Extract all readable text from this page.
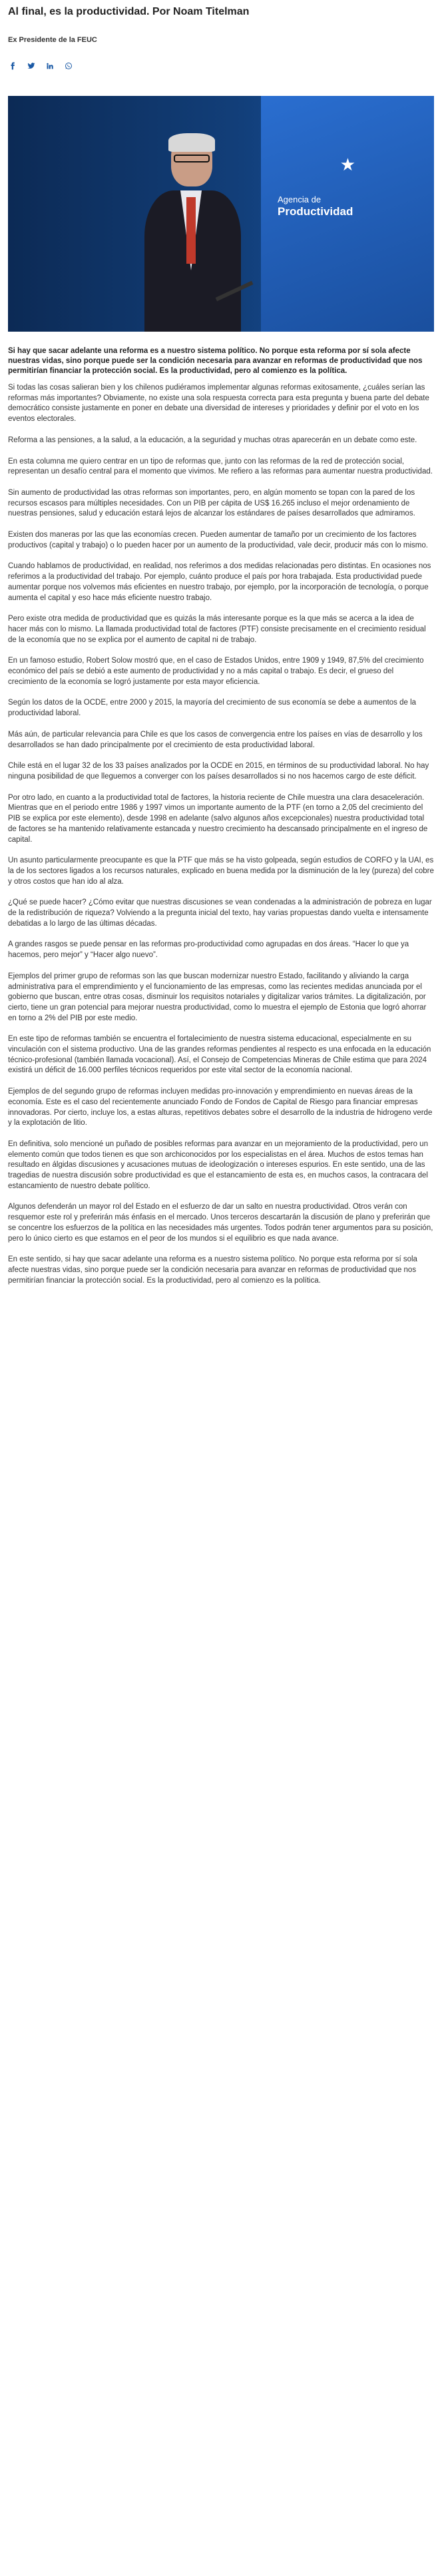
Al final, es la productividad. Por Noam Titelman
Ex Presidente de la FEUC
★
Agencia de
Productividad
Si hay que sacar adelante una reforma es a nuestro sistema político. No porque esta reforma por sí sola afecte nuestras vidas, sino porque puede ser la condición necesaria para avanzar en reformas de productividad que nos permitirían financiar la protección social. Es la productividad, pero al comienzo es la política.

Si todas las cosas salieran bien y los chilenos pudiéramos implementar algunas reformas exitosamente, ¿cuáles serían las reformas más importantes? Obviamente, no existe una sola respuesta correcta para esta pregunta y buena parte del debate democrático consiste justamente en poner en debate una diversidad de intereses y prioridades y definir por el voto en los eventos electorales.

Reforma a las pensiones, a la salud, a la educación, a la seguridad y muchas otras aparecerán en un debate como este.

En esta columna me quiero centrar en un tipo de reformas que, junto con las reformas de la red de protección social, representan un desafío central para el momento que vivimos. Me refiero a las reformas para aumentar nuestra productividad.

Sin aumento de productividad las otras reformas son importantes, pero, en algún momento se topan con la pared de los recursos escasos para múltiples necesidades. Con un PIB per cápita de US$ 16.265 incluso el mejor ordenamiento de nuestras pensiones, salud y educación estará lejos de alcanzar los estándares de países desarrollados que admiramos.

Existen dos maneras por las que las economías crecen. Pueden aumentar de tamaño por un crecimiento de los factores productivos (capital y trabajo) o lo pueden hacer por un aumento de la productividad, vale decir, producir más con lo mismo.

Cuando hablamos de productividad, en realidad, nos referimos a dos medidas relacionadas pero distintas. En ocasiones nos referimos a la productividad del trabajo. Por ejemplo, cuánto produce el país por hora trabajada. Esta productividad puede aumentar porque nos volvemos más eficientes en nuestro trabajo, por ejemplo, por la incorporación de tecnología, o porque aumenta el capital y eso hace más eficiente nuestro trabajo.

Pero existe otra medida de productividad que es quizás la más interesante porque es la que más se acerca a la idea de hacer más con lo mismo. La llamada productividad total de factores (PTF) consiste precisamente en el crecimiento residual de la economía que no se explica por el aumento de capital ni de trabajo.

En un famoso estudio, Robert Solow mostró que, en el caso de Estados Unidos, entre 1909 y 1949, 87,5% del crecimiento económico del país se debió a este aumento de productividad y no a más capital o trabajo. Es decir, el grueso del crecimiento de la economía se logró justamente por esta mayor eficiencia.

Según los datos de la OCDE, entre 2000 y 2015, la mayoría del crecimiento de sus economía se debe a aumentos de la productividad laboral.

Más aún, de particular relevancia para Chile es que los casos de convergencia entre los países en vías de desarrollo y los desarrollados se han dado principalmente por el crecimiento de esta productividad laboral.

Chile está en el lugar 32 de los 33 países analizados por la OCDE en 2015, en términos de su productividad laboral. No hay ninguna posibilidad de que lleguemos a converger con los países desarrollados si no nos hacemos cargo de este déficit.

Por otro lado, en cuanto a la productividad total de factores, la historia reciente de Chile muestra una clara desaceleración. Mientras que en el periodo entre 1986 y 1997 vimos un importante aumento de la PTF (en torno a 2,05 del crecimiento del PIB se explica por este elemento), desde 1998 en adelante (salvo algunos años excepcionales) nuestra productividad total de factores se ha mantenido relativamente estancada y nuestro crecimiento ha descansado principalmente en el ingreso de capital.

Un asunto particularmente preocupante es que la PTF que más se ha visto golpeada, según estudios de CORFO y la UAI, es la de los sectores ligados a los recursos naturales, explicado en buena medida por la disminución de la ley (pureza) del cobre y otros costos que han ido al alza.

¿Qué se puede hacer? ¿Cómo evitar que nuestras discusiones se vean condenadas a la administración de pobreza en lugar de la redistribución de riqueza? Volviendo a la pregunta inicial del texto, hay varias propuestas dando vuelta e intensamente debatidas a lo largo de las últimas décadas.

A grandes rasgos se puede pensar en las reformas pro-productividad como agrupadas en dos áreas. “Hacer lo que ya hacemos, pero mejor” y “Hacer algo nuevo”.

Ejemplos del primer grupo de reformas son las que buscan modernizar nuestro Estado, facilitando y aliviando la carga administrativa para el emprendimiento y el funcionamiento de las empresas, como las recientes medidas anunciada por el gobierno que buscan, entre otras cosas, disminuir los requisitos notariales y digitalizar varios trámites. La digitalización, por cierto, tiene un gran potencial para mejorar nuestra productividad, como lo muestra el ejemplo de Estonia que logró ahorrar en torno a 2% del PIB por este medio.

En este tipo de reformas también se encuentra el fortalecimiento de nuestra sistema educacional, especialmente en su vinculación con el sistema productivo. Una de las grandes reformas pendientes al respecto es una enfocada en la educación técnico-profesional (también llamada vocacional). Así, el Consejo de Competencias Mineras de Chile estima que para 2024 existirá un déficit de 16.000 perfiles técnicos requeridos por este vital sector de la economía nacional.

Ejemplos de del segundo grupo de reformas incluyen medidas pro-innovación y emprendimiento en nuevas áreas de la economía. Este es el caso del recientemente anunciado Fondo de Fondos de Capital de Riesgo para financiar empresas innovadoras. Por cierto, incluye los, a estas alturas, repetitivos debates sobre el desarrollo de la industria de hidrogeno verde y la explotación de litio.

En definitiva, solo mencioné un puñado de posibles reformas para avanzar en un mejoramiento de la productividad, pero un elemento común que todos tienen es que son archiconocidos por los especialistas en el área. Muchos de estos temas han resultado en álgidas discusiones y acusaciones mutuas de ideologización o intereses espurios. En este sentido, una de las tragedias de nuestra discusión sobre productividad es que el estancamiento de esta es, en muchos casos, la contracara del estancamiento de nuestro debate político.

Algunos defenderán un mayor rol del Estado en el esfuerzo de dar un salto en nuestra productividad. Otros verán con resquemor este rol y preferirán más énfasis en el mercado. Unos terceros descartarán la discusión de plano y preferirán que se concentre los esfuerzos de la política en las necesidades más urgentes. Todos podrán tener argumentos para su posición, pero lo único cierto es que estamos en el peor de los mundos si el equilibrio es que nada avance.

En este sentido, si hay que sacar adelante una reforma es a nuestro sistema político. No porque esta reforma por sí sola afecte nuestras vidas, sino porque puede ser la condición necesaria para avanzar en reformas de productividad que nos permitirían financiar la protección social. Es la productividad, pero al comienzo es la política.
